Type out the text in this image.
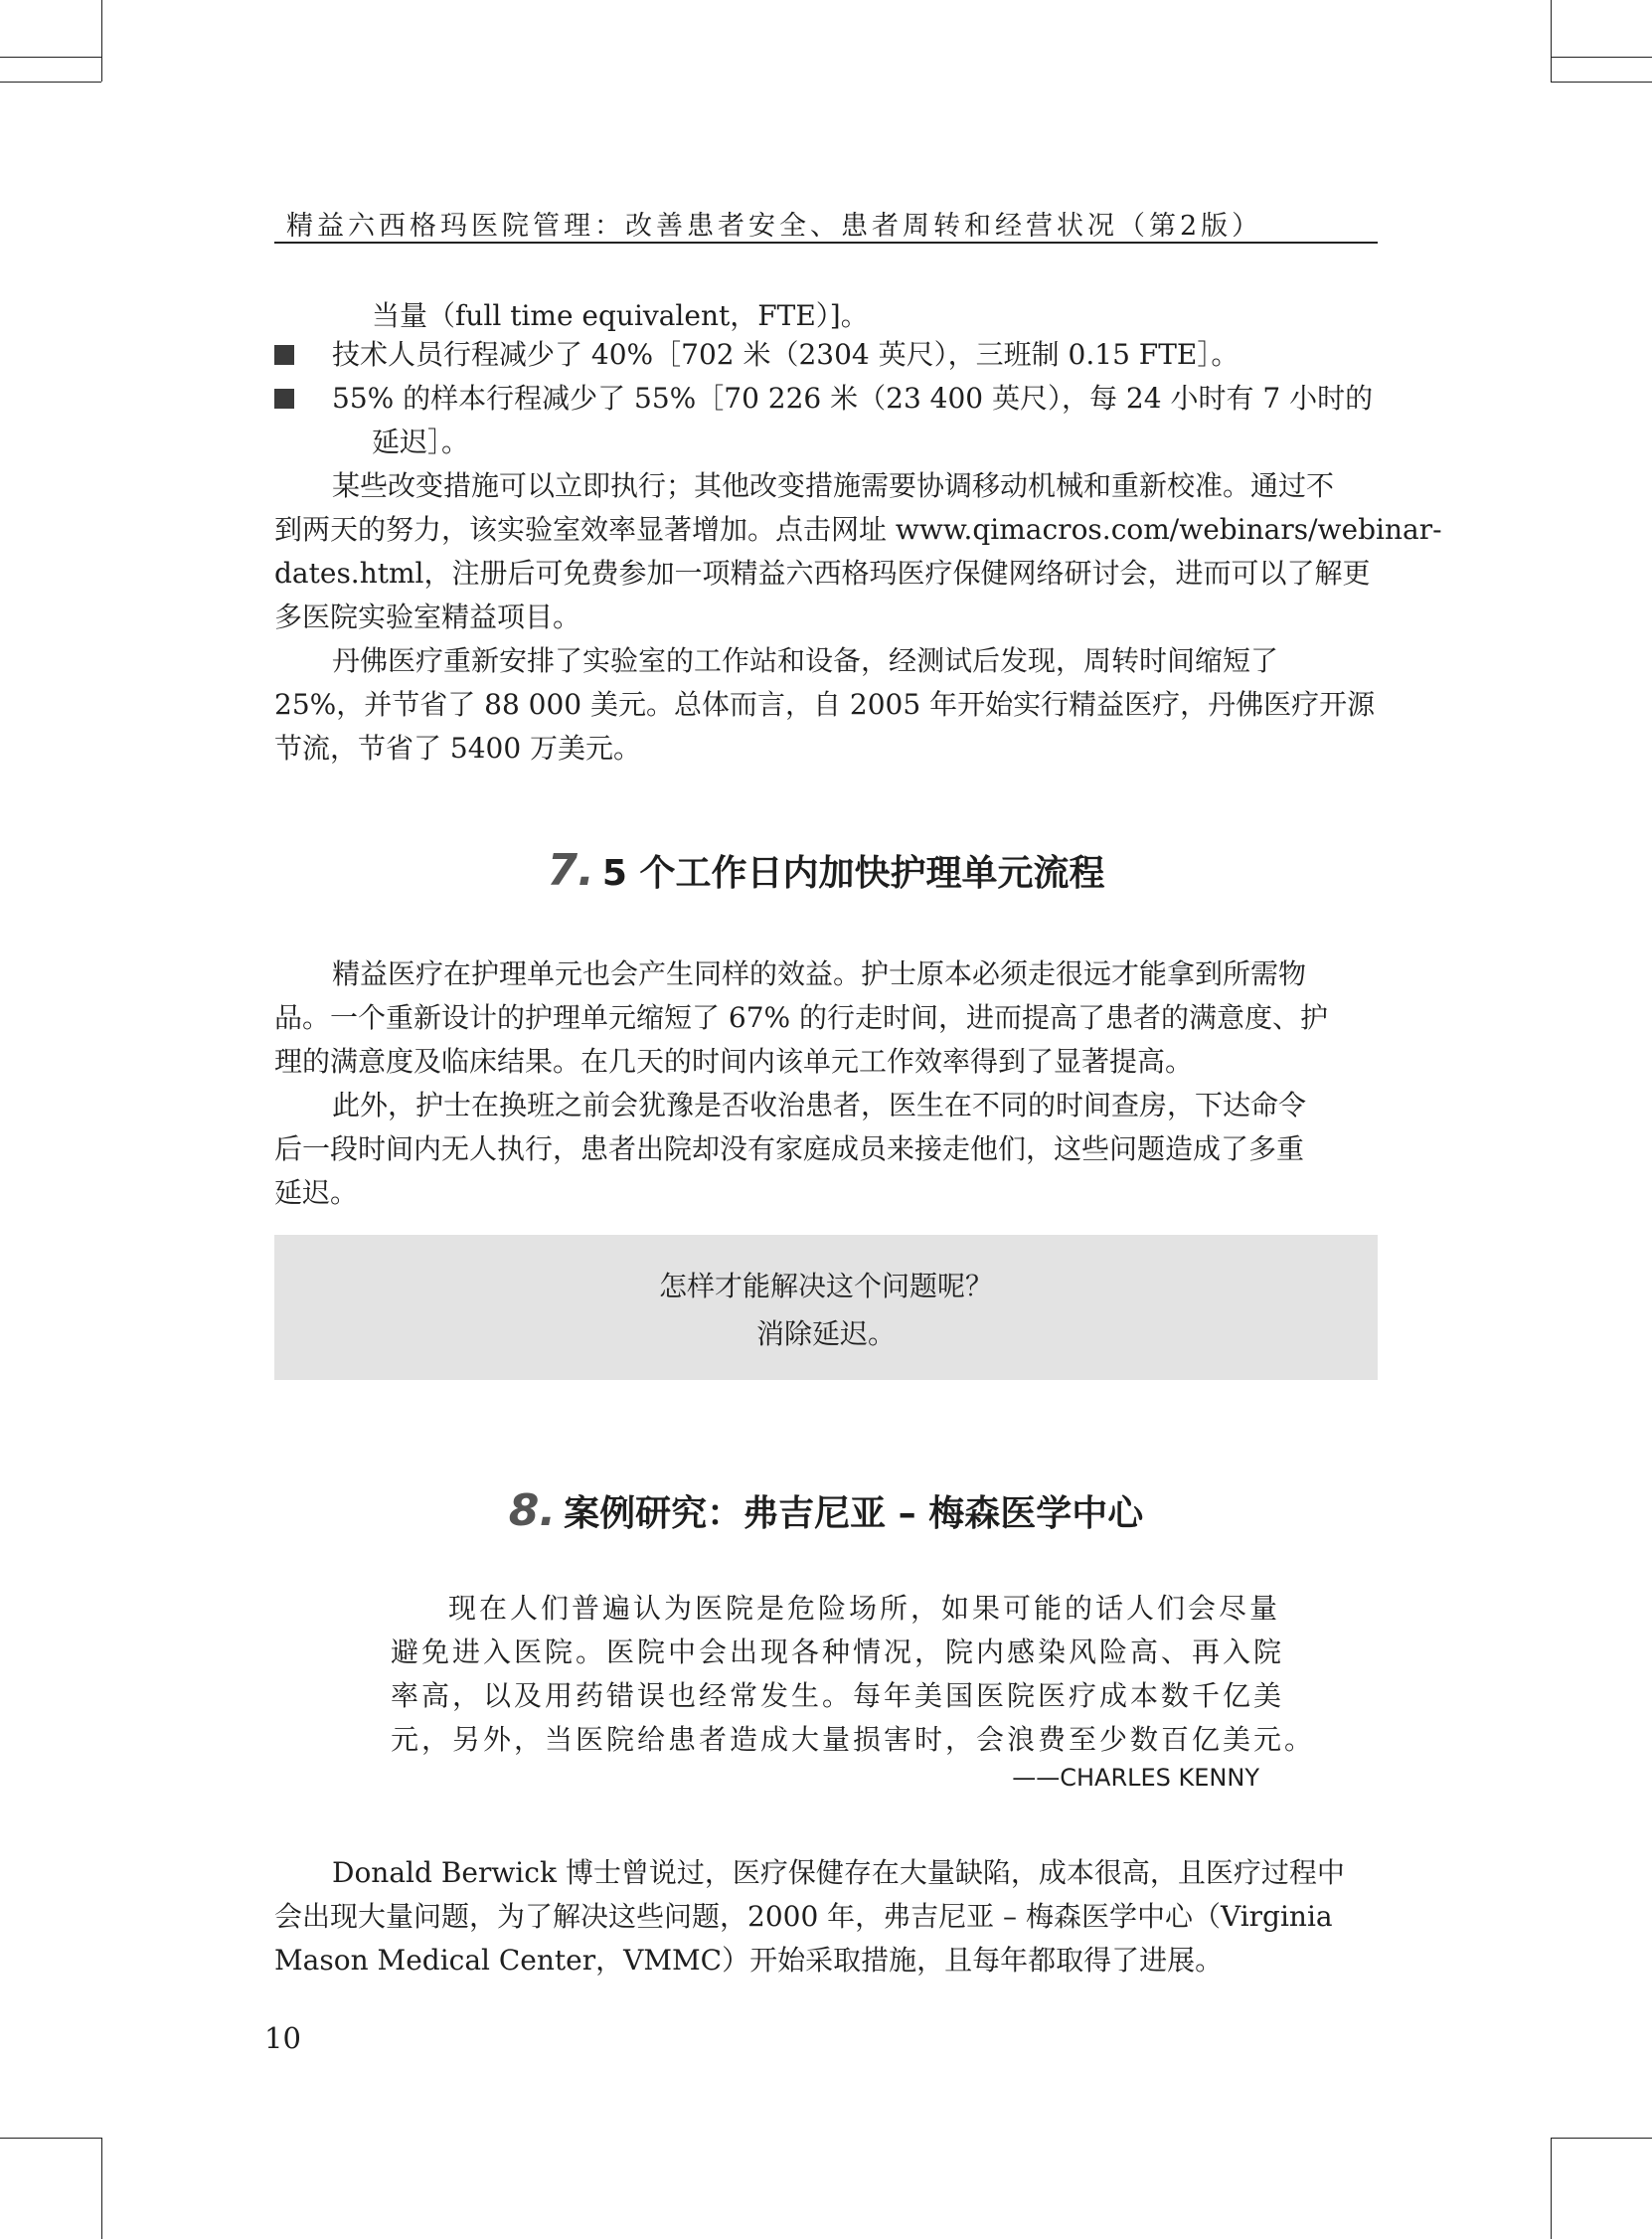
精益六西格玛医院管理：改善患者安全、患者周转和经营状况（第2版）
当量（full time equivalent，FTE）]。
技术人员行程减少了 40%［702 米（2304 英尺），三班制 0.15 FTE］。
55% 的样本行程减少了 55%［70 226 米（23 400 英尺），每 24 小时有 7 小时的
延迟］。
某些改变措施可以立即执行；其他改变措施需要协调移动机械和重新校准。通过不
到两天的努力，该实验室效率显著增加。点击网址 www.qimacros.com/webinars/webinar-
dates.html，注册后可免费参加一项精益六西格玛医疗保健网络研讨会，进而可以了解更
多医院实验室精益项目。
丹佛医疗重新安排了实验室的工作站和设备，经测试后发现，周转时间缩短了
25%，并节省了 88 000 美元。总体而言，自 2005 年开始实行精益医疗，丹佛医疗开源
节流，节省了 5400 万美元。
7. 5 个工作日内加快护理单元流程
精益医疗在护理单元也会产生同样的效益。护士原本必须走很远才能拿到所需物
品。一个重新设计的护理单元缩短了 67% 的行走时间，进而提高了患者的满意度、护
理的满意度及临床结果。在几天的时间内该单元工作效率得到了显著提高。
此外，护士在换班之前会犹豫是否收治患者，医生在不同的时间查房，下达命令
后一段时间内无人执行，患者出院却没有家庭成员来接走他们，这些问题造成了多重
延迟。
怎样才能解决这个问题呢？
消除延迟。
8. 案例研究：弗吉尼亚 – 梅森医学中心
现在人们普遍认为医院是危险场所，如果可能的话人们会尽量
避免进入医院。医院中会出现各种情况，院内感染风险高、再入院
率高，以及用药错误也经常发生。每年美国医院医疗成本数千亿美
元，另外，当医院给患者造成大量损害时，会浪费至少数百亿美元。
——CHARLES KENNY
Donald Berwick 博士曾说过，医疗保健存在大量缺陷，成本很高，且医疗过程中
会出现大量问题，为了解决这些问题，2000 年，弗吉尼亚 – 梅森医学中心（Virginia
Mason Medical Center，VMMC）开始采取措施，且每年都取得了进展。
10
